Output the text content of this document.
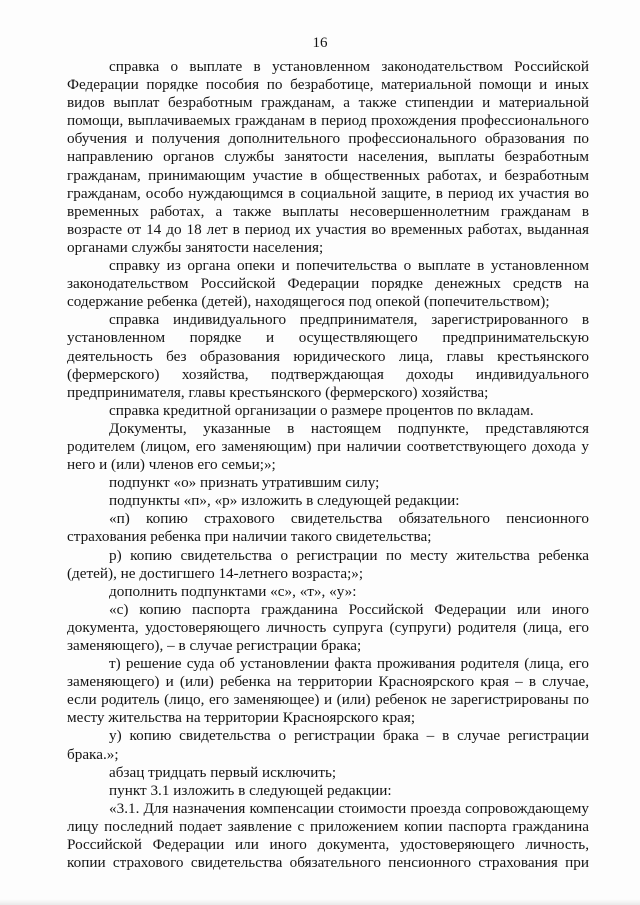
16

справка о выплате в установленном законодательством Российской Федерации порядке пособия по безработице, материальной помощи и иных видов выплат безработным гражданам, а также стипендии и материальной помощи, выплачиваемых гражданам в период прохождения профессионального обучения и получения дополнительного профессионального образования по направлению органов службы занятости населения, выплаты безработным гражданам, принимающим участие в общественных работах, и безработным гражданам, особо нуждающимся в социальной защите, в период их участия во временных работах, а также выплаты несовершеннолетним гражданам в возрасте от 14 до 18 лет в период их участия во временных работах, выданная органами службы занятости населения;

справку из органа опеки и попечительства о выплате в установленном законодательством Российской Федерации порядке денежных средств на содержание ребенка (детей), находящегося под опекой (попечительством);

справка индивидуального предпринимателя, зарегистрированного в установленном порядке и осуществляющего предпринимательскую деятельность без образования юридического лица, главы крестьянского (фермерского) хозяйства, подтверждающая доходы индивидуального предпринимателя, главы крестьянского (фермерского) хозяйства;

справка кредитной организации о размере процентов по вкладам.

Документы, указанные в настоящем подпункте, представляются родителем (лицом, его заменяющим) при наличии соответствующего дохода у него и (или) членов его семьи;»;

подпункт «о» признать утратившим силу;

подпункты «п», «р» изложить в следующей редакции:

«п) копию страхового свидетельства обязательного пенсионного страхования ребенка при наличии такого свидетельства;

р) копию свидетельства о регистрации по месту жительства ребенка (детей), не достигшего 14-летнего возраста;»;

дополнить подпунктами «с», «т», «у»:

«с) копию паспорта гражданина Российской Федерации или иного документа, удостоверяющего личность супруга (супруги) родителя (лица, его заменяющего), – в случае регистрации брака;

т) решение суда об установлении факта проживания родителя (лица, его заменяющего) и (или) ребенка на территории Красноярского края – в случае, если родитель (лицо, его заменяющее) и (или) ребенок не зарегистрированы по месту жительства на территории Красноярского края;

у) копию свидетельства о регистрации брака – в случае регистрации брака.»;

абзац тридцать первый исключить;

пункт 3.1 изложить в следующей редакции:

«3.1. Для назначения компенсации стоимости проезда сопровождающему лицу последний подает заявление с приложением копии паспорта гражданина Российской Федерации или иного документа, удостоверяющего личность, копии страхового свидетельства обязательного пенсионного страхования при
